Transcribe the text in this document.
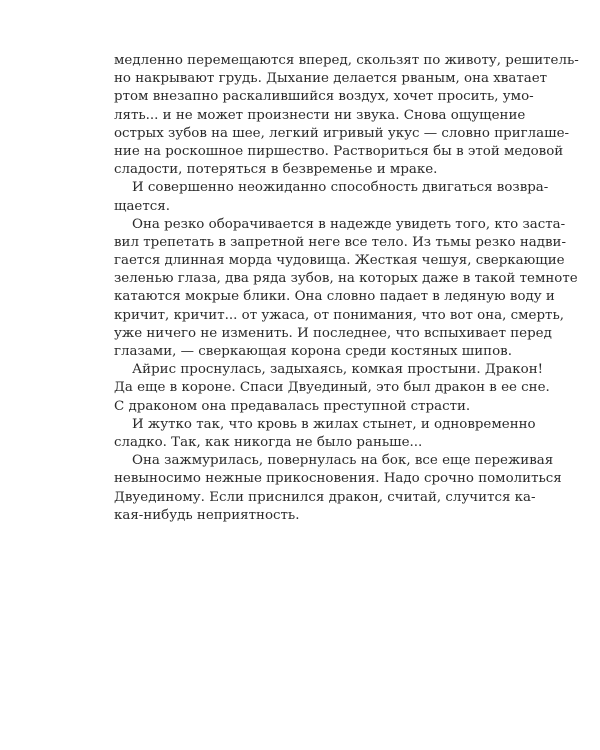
медленно перемещаются вперед, скользят по животу, решитель-
но накрывают грудь. Дыхание делается рваным, она хватает
ртом внезапно раскалившийся воздух, хочет просить, умо-
лять... и не может произнести ни звука. Снова ощущение
острых зубов на шее, легкий игривый укус — словно приглаше-
ние на роскошное пиршество. Раствориться бы в этой медовой
сладости, потеряться в безвременье и мраке.
И совершенно неожиданно способность двигаться возвра-
щается.
Она резко оборачивается в надежде увидеть того, кто заста-
вил трепетать в запретной неге все тело. Из тьмы резко надви-
гается длинная морда чудовища. Жесткая чешуя, сверкающие
зеленью глаза, два ряда зубов, на которых даже в такой темноте
катаются мокрые блики. Она словно падает в ледяную воду и
кричит, кричит... от ужаса, от понимания, что вот она, смерть,
уже ничего не изменить. И последнее, что вспыхивает перед
глазами, — сверкающая корона среди костяных шипов.
Айрис проснулась, задыхаясь, комкая простыни. Дракон!
Да еще в короне. Спаси Двуединый, это был дракон в ее сне.
С драконом она предавалась преступной страсти.
И жутко так, что кровь в жилах стынет, и одновременно
сладко. Так, как никогда не было раньше...
Она зажмурилась, повернулась на бок, все еще переживая
невыносимо нежные прикосновения. Надо срочно помолиться
Двуединому. Если приснился дракон, считай, случится ка-
кая-нибудь неприятность.
